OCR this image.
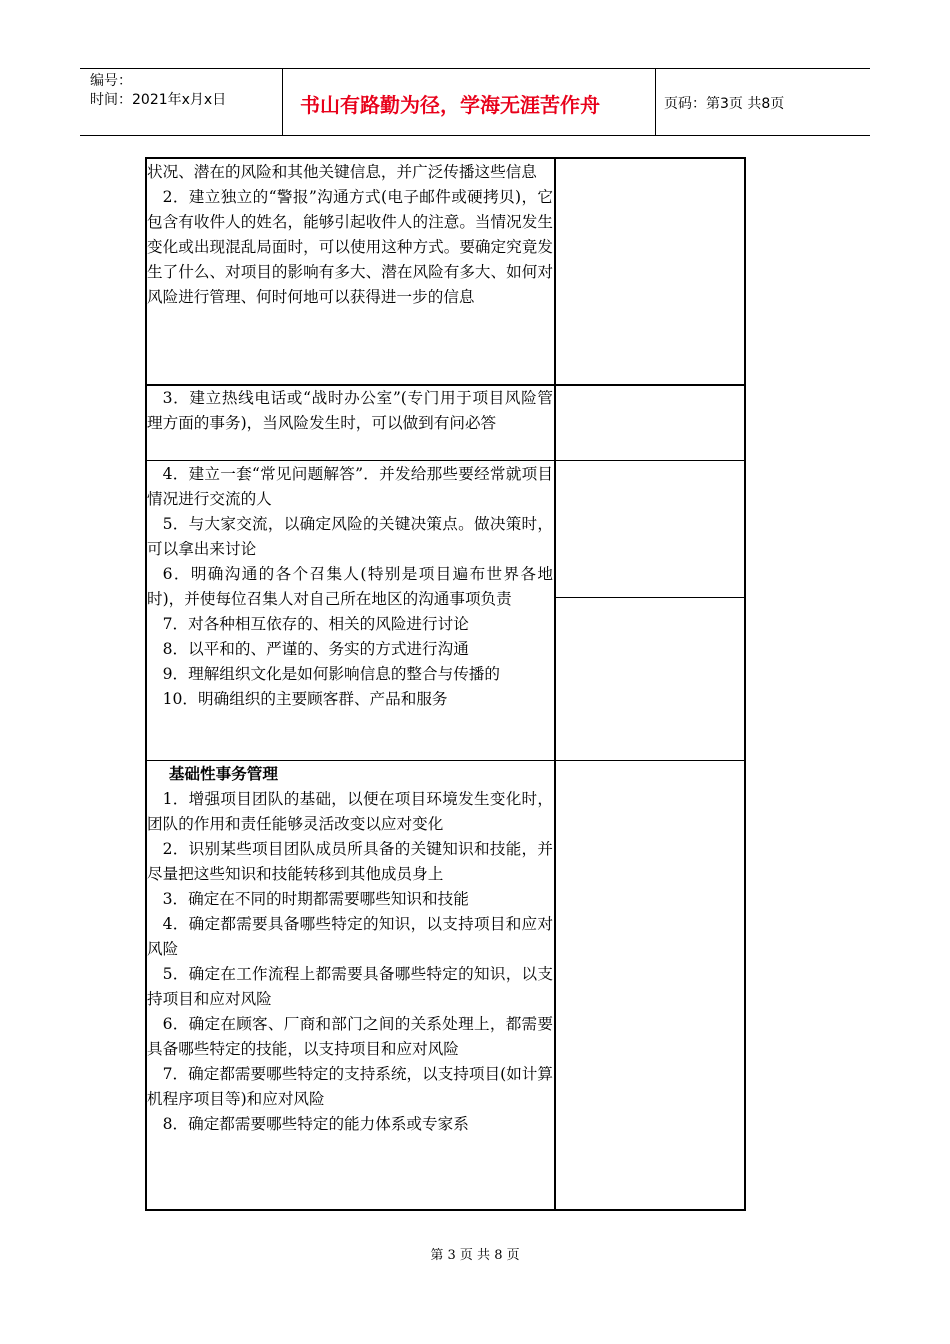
编号：
时间：2021年x月x日	书山有路勤为径，学海无涯苦作舟	页码：第3页 共8页

状况、潜在的风险和其他关键信息，并广泛传播这些信息

2．建立独立的“警报”沟通方式(电子邮件或硬拷贝)，它包含有收件人的姓名，能够引起收件人的注意。当情况发生变化或出现混乱局面时，可以使用这种方式。要确定究竟发生了什么、对项目的影响有多大、潜在风险有多大、如何对风险进行管理、何时何地可以获得进一步的信息

3．建立热线电话或“战时办公室”(专门用于项目风险管理方面的事务)，当风险发生时，可以做到有问必答

4．建立一套“常见问题解答”．并发给那些要经常就项目情况进行交流的人

5．与大家交流，以确定风险的关键决策点。做决策时，可以拿出来讨论

6．明确沟通的各个召集人(特别是项目遍布世界各地时)，并使每位召集人对自己所在地区的沟通事项负责

7．对各种相互依存的、相关的风险进行讨论

8．以平和的、严谨的、务实的方式进行沟通

9．理解组织文化是如何影响信息的整合与传播的

10．明确组织的主要顾客群、产品和服务

基础性事务管理

1．增强项目团队的基础，以便在项目环境发生变化时，团队的作用和责任能够灵活改变以应对变化

2．识别某些项目团队成员所具备的关键知识和技能，并尽量把这些知识和技能转移到其他成员身上

3．确定在不同的时期都需要哪些知识和技能

4．确定都需要具备哪些特定的知识，以支持项目和应对风险

5．确定在工作流程上都需要具备哪些特定的知识，以支持项目和应对风险

6．确定在顾客、厂商和部门之间的关系处理上，都需要具备哪些特定的技能，以支持项目和应对风险

7．确定都需要哪些特定的支持系统，以支持项目(如计算机程序项目等)和应对风险

8．确定都需要哪些特定的能力体系或专家系

第 3 页 共 8 页
